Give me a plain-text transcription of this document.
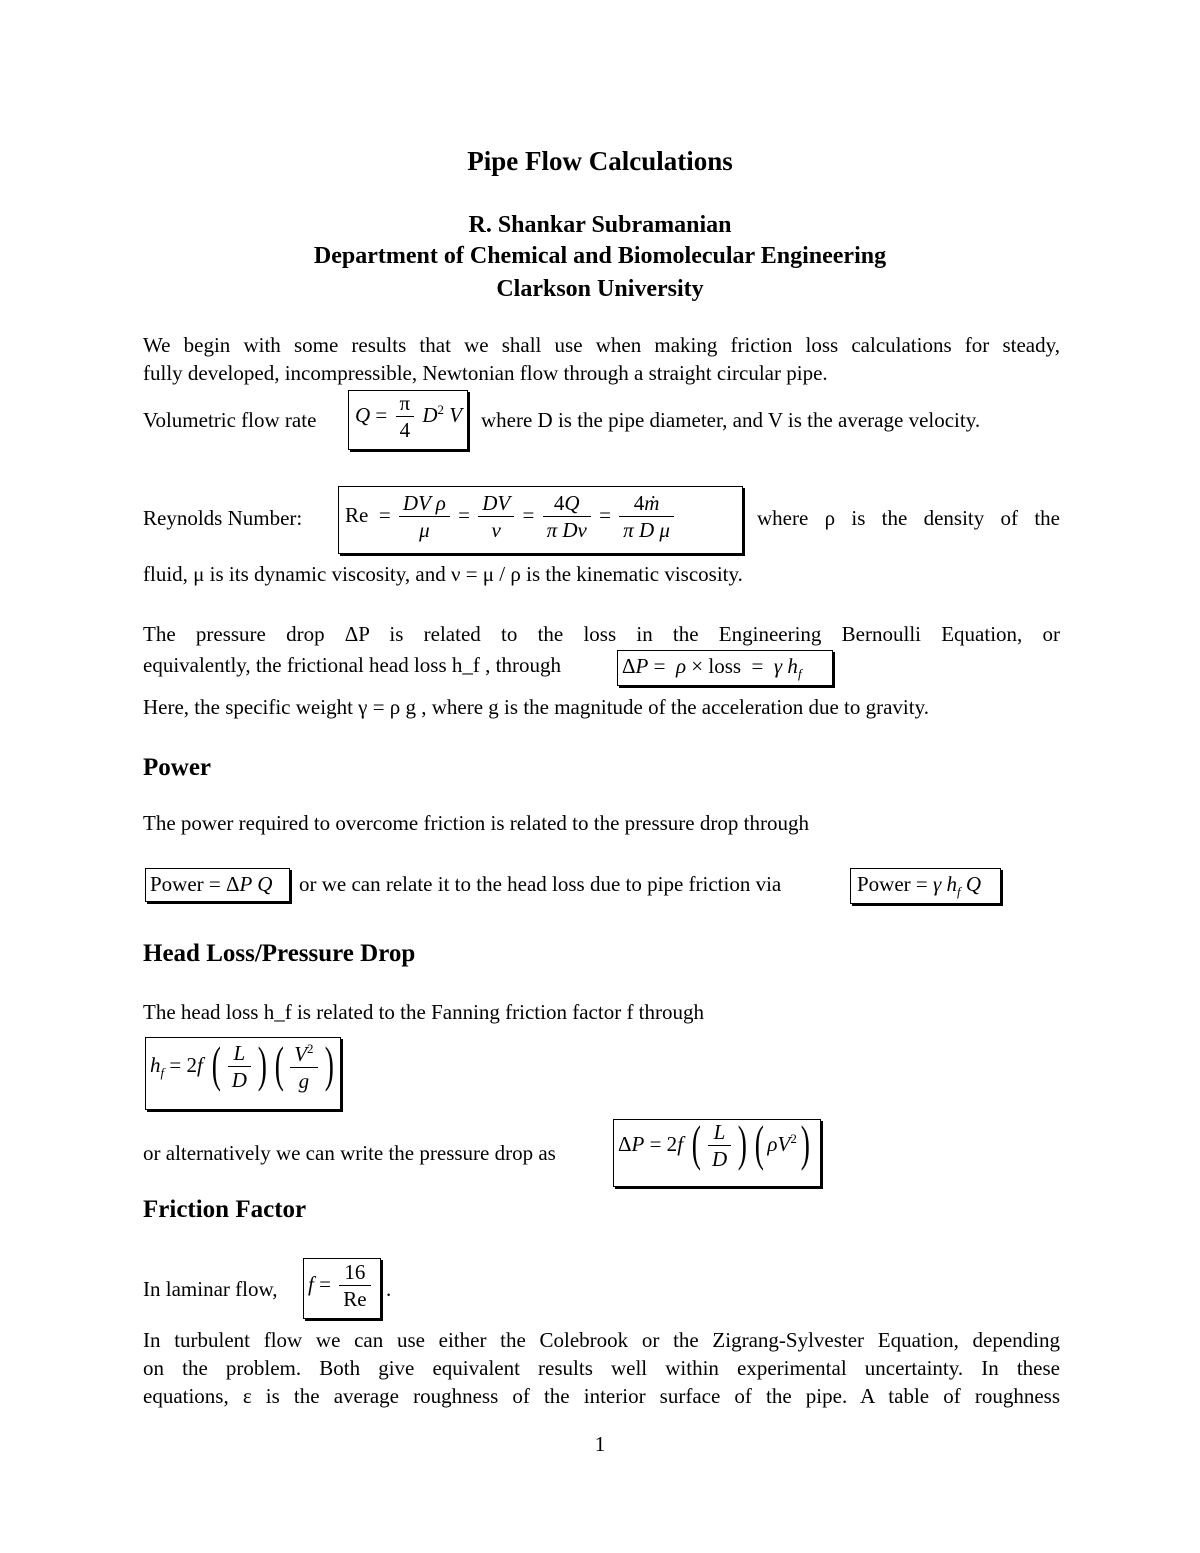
Pipe Flow Calculations
R. Shankar Subramanian
Department of Chemical and Biomolecular Engineering
Clarkson University
We begin with some results that we shall use when making friction loss calculations for steady,
fully developed, incompressible, Newtonian flow through a straight circular pipe.
Volumetric flow rate $Q = \frac{\pi}{4} D^2$ V where D is the pipe diameter, and V is the average velocity.
Reynolds Number: $Re = \frac{\text{DV ρ}}{\mu} = \frac{DV}{\nu} = \frac{4Q}{\text{π Dν}} = \frac{\text{4ṁ}}{\text{π D μ}}$	where ρ is the density of the
fluid, μ is its dynamic viscosity, and ν = μ / ρ is the kinematic viscosity.
The pressure drop ΔP is related to the loss in the Engineering Bernoulli Equation, or
equivalently, the frictional head loss h_f , through	ΔP =  ρ × loss  =  γ $h_f$
Here, the specific weight γ = ρ g , where g is the magnitude of the acceleration due to gravity.
Power
The power required to overcome friction is related to the pressure drop through
Power = ΔP Q or we can relate it to the head loss due to pipe friction via	Power = γ $h_f$ Q
Head Loss/Pressure Drop
The head loss h_f is related to the Fanning friction factor f through
$h_f = 2f$ ( $\frac{L}{D}$ ) ( $\frac{V^2}{g}$ )
or alternatively we can write the pressure drop as	ΔP = 2f ( $\frac{L}{D}$ ) ( $\rho V^2$)
Friction Factor
In laminar flow, $f = \frac{16}{Re}$ .
In turbulent flow we can use either the Colebrook or the Zigrang-Sylvester Equation, depending
on the problem. Both give equivalent results well within experimental uncertainty. In these
equations, ε is the average roughness of the interior surface of the pipe. A table of roughness
1
